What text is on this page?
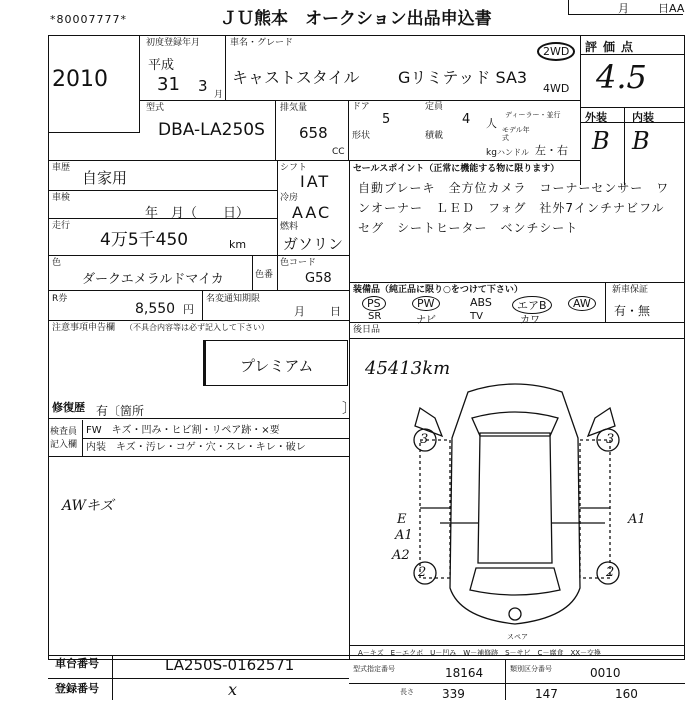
*80007777*	ＪＵ熊本　オークション出品申込書
月	日AA
2010
初度登録年月
平成
31 3 月
車名・グレード
キャストスタイル Gリミテッド SA3
2WD
4WD
評価点
4.5
外装 内装
B B
型式
DBA-LA250S
排気量
658
CC
ドア
5
定員
4 人
形状	積載
kg
ディーラー・並行
モデル年式
ハンドル 左・右
車歴
自家用
車検
年　月（　　日）
走行
4万5千450	km
シフト
IAT
冷房
AAC
燃料
ガソリン
色
ダークエメラルドマイカ	色番
色コード
G58
R券
8,550 円
名変通知期限
月 日
セールスポイント（正常に機能する物に限ります）
自動ブレーキ　全方位カメラ　コーナーセンサー　ワンオーナー　ＬＥＤ　フォグ　社外7インチナビフルセグ　シートヒーター　ベンチシート
装備品（純正品に限り○をつけて下さい）
PS	PW	ABS	エアB	AW
SR	ナビ	TV	カワ
新車保証
有・無
後日品
注意事項申告欄 （不具合内容等は必ず記入して下さい）
プレミアム
修復歴 有〔箇所	〕
45413km
検査員
記入欄
FW　キズ・凹み・ヒビ割・リペア跡・×要
内装　キズ・汚レ・コゲ・穴・スレ・キレ・破レ
AWキズ
3	3
2	2
E
A1
A2
A1
スペア
A－キズ　E－エクボ　U－凹み　W－補修跡　S－サビ　C－腐食　XX－交換
車台番号	LA250S-0162571
登録番号	x
型式指定番号	18164	類別区分番号	0010
長さ 339	147	160
